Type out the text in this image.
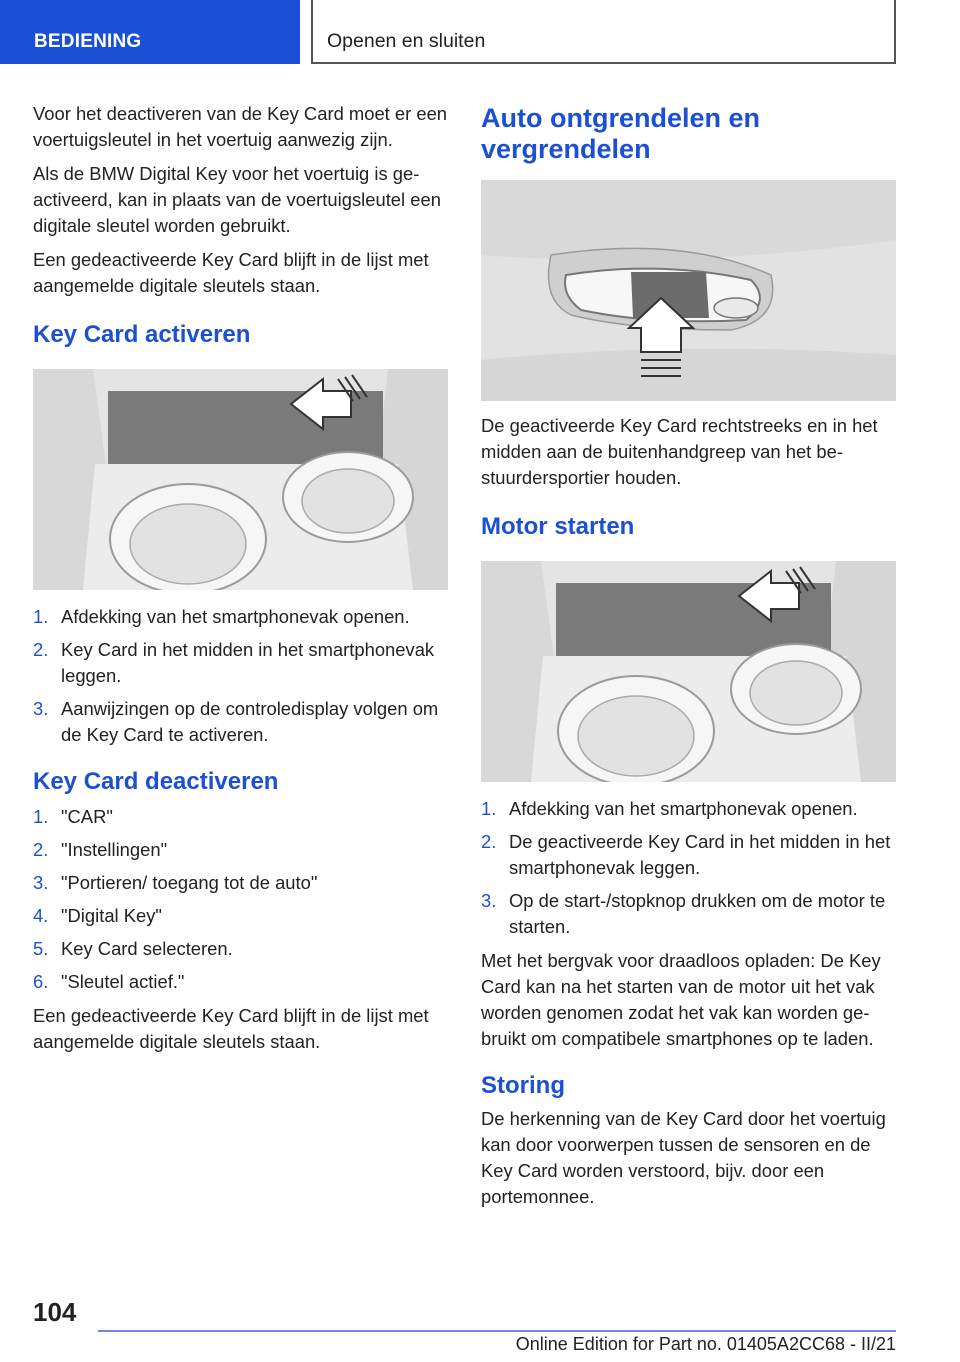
BEDIENING	Openen en sluiten

Voor het deactiveren van de Key Card moet er een voertuigsleutel in het voertuig aanwezig zijn.

Als de BMW Digital Key voor het voertuig is geactiveerd, kan in plaats van de voertuigsleutel een digitale sleutel worden gebruikt.

Een gedeactiveerde Key Card blijft in de lijst met aangemelde digitale sleutels staan.

Key Card activeren
1. Afdekking van het smartphonevak openen.
2. Key Card in het midden in het smartphonevak leggen.
3. Aanwijzingen op de controledisplay volgen om de Key Card te activeren.
Key Card deactiveren
1. "CAR"
2. "Instellingen"
3. "Portieren/ toegang tot de auto"
4. "Digital Key"
5. Key Card selecteren.
6. "Sleutel actief."

Een gedeactiveerde Key Card blijft in de lijst met aangemelde digitale sleutels staan.

Auto ontgrendelen en vergrendelen

De geactiveerde Key Card rechtstreeks en in het midden aan de buitenhandgreep van het bestuurdersportier houden.

Motor starten
1. Afdekking van het smartphonevak openen.
2. De geactiveerde Key Card in het midden in het smartphonevak leggen.
3. Op de start-/stopknop drukken om de motor te starten.

Met het bergvak voor draadloos opladen: De Key Card kan na het starten van de motor uit het vak worden genomen zodat het vak kan worden gebruikt om compatibele smartphones op te laden.

Storing

De herkenning van de Key Card door het voertuig kan door voorwerpen tussen de sensoren en de Key Card worden verstoord, bijv. door een portemonnee.

104
Online Edition for Part no. 01405A2CC68 - II/21
